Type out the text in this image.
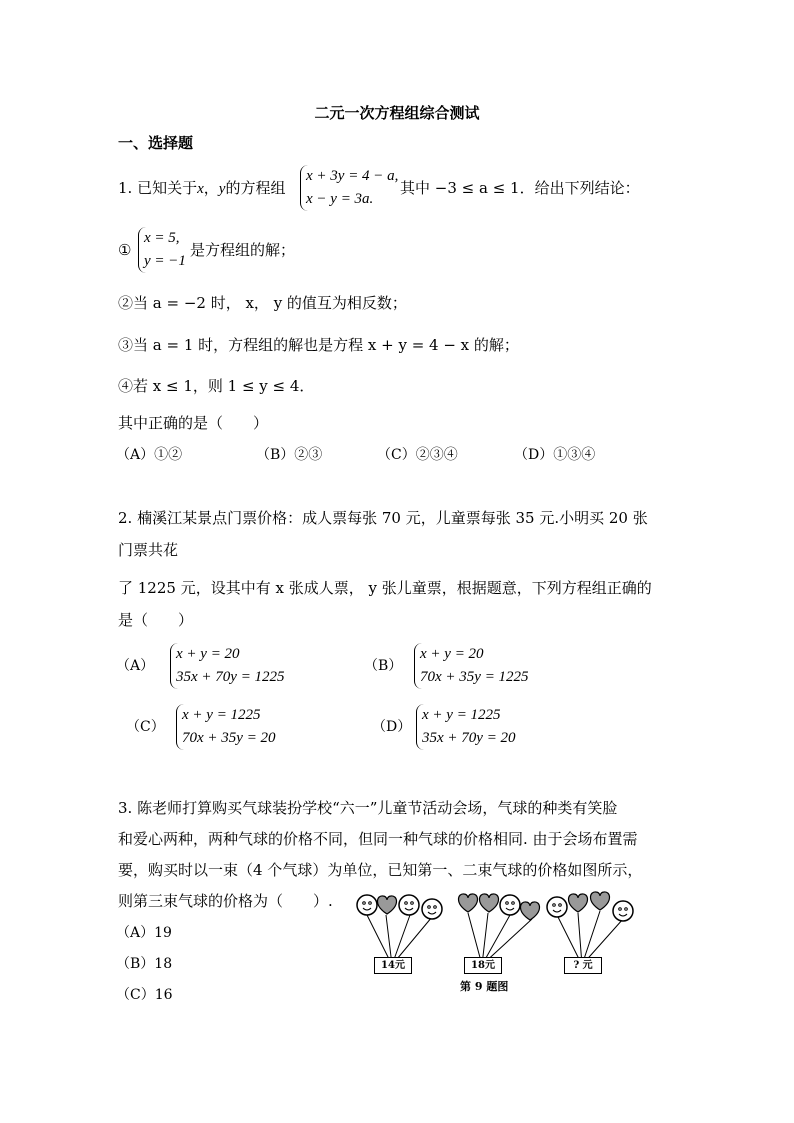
二元一次方程组综合测试
一、选择题
1. 已知关于x，y的方程组
x + 3y = 4 − a,
x − y = 3a.
其中 −3 ≤ a ≤ 1．给出下列结论：
①
x = 5,
y = −1
是方程组的解；
②当 a = −2 时， x， y 的值互为相反数；
③当 a = 1 时，方程组的解也是方程 x + y = 4 − x 的解；
④若 x ≤ 1，则 1 ≤ y ≤ 4．
其中正确的是（　　）
（A）①②	（B）②③	（C）②③④	（D）①③④
2. 楠溪江某景点门票价格：成人票每张 70 元，儿童票每张 35 元.小明买 20 张
门票共花
了 1225 元，设其中有 x 张成人票， y 张儿童票，根据题意，下列方程组正确的
是（　　）
（A）
x + y = 20
35x + 70y = 1225
（B）
x + y = 20
70x + 35y = 1225
（C）
x + y = 1225
70x + 35y = 20
（D）
x + y = 1225
35x + 70y = 20
3. 陈老师打算购买气球装扮学校“六一”儿童节活动会场，气球的种类有笑脸
和爱心两种，两种气球的价格不同，但同一种气球的价格相同. 由于会场布置需
要，购买时以一束（4 个气球）为单位，已知第一、二束气球的价格如图所示，
则第三束气球的价格为（　　）.
（A）19
（B）18
（C）16
14元	18元	? 元
第 9 题图
